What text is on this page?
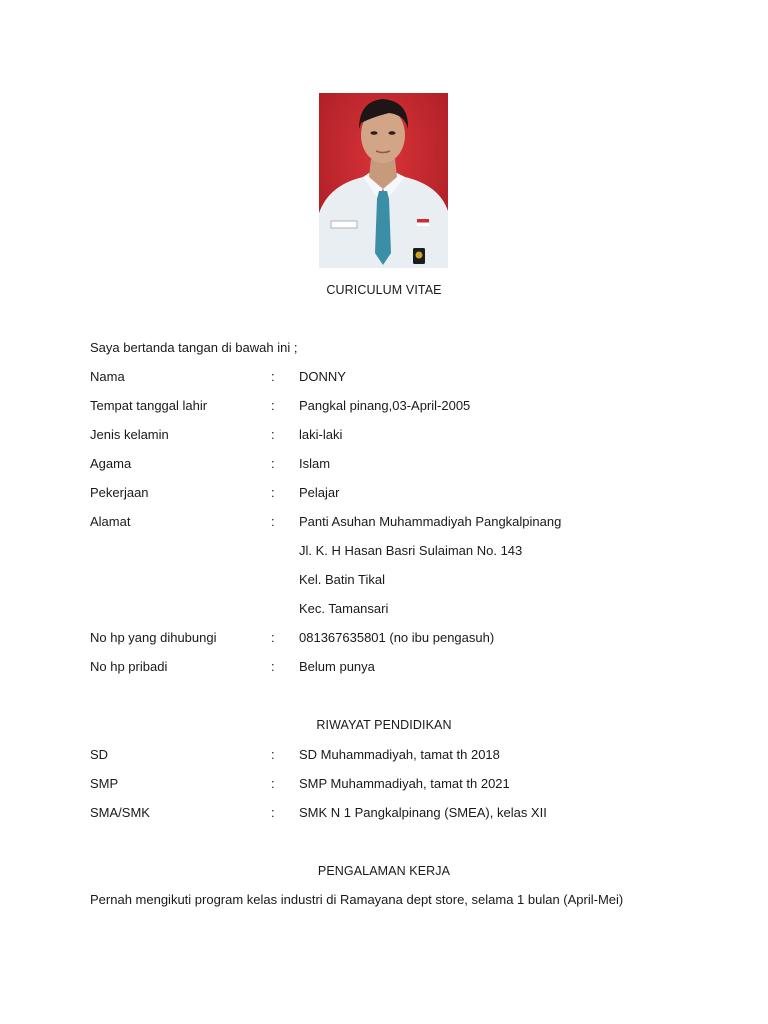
CURICULUM VITAE
Saya bertanda tangan di bawah ini ;
Nama	: DONNY
Tempat tanggal lahir	: Pangkal pinang,03-April-2005
Jenis kelamin	: laki-laki
Agama	: Islam
Pekerjaan	: Pelajar
Alamat	: Panti Asuhan Muhammadiyah Pangkalpinang
Jl. K. H Hasan Basri Sulaiman No. 143
Kel. Batin Tikal
Kec. Tamansari
No hp yang dihubungi	: 081367635801 (no ibu pengasuh)
No hp pribadi	: Belum punya
RIWAYAT PENDIDIKAN
SD	: SD Muhammadiyah, tamat th 2018
SMP	: SMP Muhammadiyah, tamat th 2021
SMA/SMK	: SMK N 1 Pangkalpinang (SMEA), kelas XII
PENGALAMAN KERJA
Pernah mengikuti program kelas industri di Ramayana dept store, selama 1 bulan (April-Mei)
